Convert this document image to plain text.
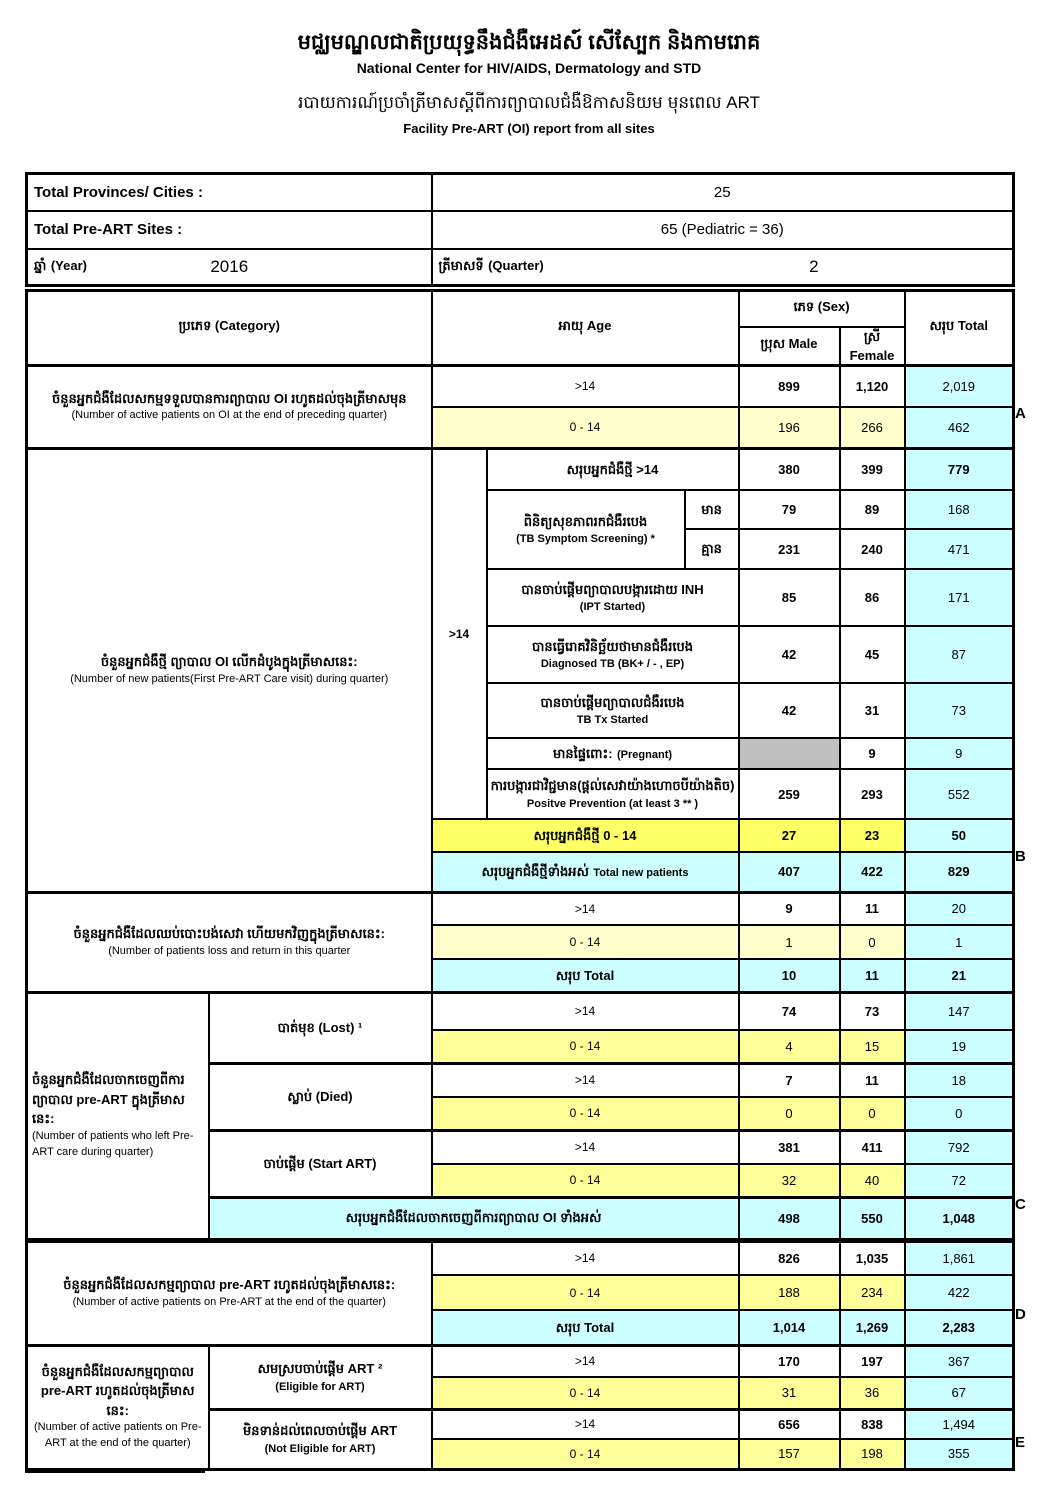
មជ្ឈមណ្ឌលជាតិប្រយុទ្ធនឹងជំងឺអេដស៍ សើស្បែក និងកាមរោគ
National Center for HIV/AIDS, Dermatology and STD
របាយការណ៍ប្រចាំត្រីមាសស្ដីពីការព្យាបាលជំងឺឱកាសនិយម មុនពេល ART
Facility Pre-ART (OI) report from all sites
Total Provinces/ Cities :	25
Total Pre-ART Sites :	65 (Pediatric = 36)
ឆ្នាំ (Year) 2016	ត្រីមាសទី (Quarter) 2
ប្រភេទ (Category)		អាយុ Age			ភេទ (Sex)		សរុប Total
					ប្រុស Male	ស្រី Female	

ចំនួនអ្នកជំងឺដែលសកម្មទទួលបានការព្យាបាល OI រហូតដល់ចុងត្រីមាសមុន
(Number of active patients on OI at the end of preceding quarter)		>14			899	1,120	2,019
		0 - 14			196	266	462

ចំនួនអ្នកជំងឺថ្មី ព្យាបាល OI លើកដំបូងក្នុងត្រីមាសនេះ:
(Number of new patients(First Pre-ART Care visit) during quarter)		>14	សរុបអ្នកជំងឺថ្មី >14		380	399	779

			ពិនិត្យសុខភាពរកជំងឺរបេង
(TB Symptom Screening) *	មាន	79	89	168
				គ្មាន	231	240	471

			បានចាប់ផ្ដើមព្យាបាលបង្ការដោយ INH
(IPT Started)		85	86	171

			បានធ្វើរោគវិនិច្ឆ័យថាមានជំងឺរបេង
Diagnosed TB (BK+ / - , EP)		42	45	87

			បានចាប់ផ្ដើមព្យាបាលជំងឺរបេង
TB Tx Started		42	31	73
			មានផ្ទៃពោះ: (Pregnant)			9	9

			ការបង្ការជាវិជ្ជមាន(ផ្ដល់សេវាយ៉ាងហោចបីយ៉ាងតិច)
Positve Prevention (at least 3 ** )		259	293	552
		សរុបអ្នកជំងឺថ្មី 0 - 14			27	23	50
		សរុបអ្នកជំងឺថ្មីទាំងអស់ Total new patients			407	422	829

ចំនួនអ្នកជំងឺដែលឈប់បោះបង់សេវា ហើយមកវិញក្នុងត្រីមាសនេះ:
(Number of patients loss and return in this quarter		>14			9	11	20
		0 - 14			1	0	1
		សរុប Total			10	11	21

ចំនួនអ្នកជំងឺដែលចាកចេញពីការ ព្យាបាល pre-ART ក្នុងត្រីមាសនេះ:
(Number of patients who left Pre-ART care during quarter)	បាត់មុខ (Lost) ¹	>14			74	73	147
		0 - 14			4	15	19
	ស្លាប់ (Died)	>14			7	11	18
		0 - 14			0	0	0
	ចាប់ផ្ដើម (Start ART)	>14			381	411	792
		0 - 14			32	40	72
	សរុបអ្នកជំងឺដែលចាកចេញពីការព្យាបាល OI ទាំងអស់				498	550	1,048

ចំនួនអ្នកជំងឺដែលសកម្មព្យាបាល pre-ART រហូតដល់ចុងត្រីមាសនេះ:
(Number of active patients on Pre-ART at the end of the quarter)		>14			826	1,035	1,861
		0 - 14			188	234	422
		សរុប Total			1,014	1,269	2,283

ចំនួនអ្នកជំងឺដែលសកម្មព្យាបាល pre-ART រហូតដល់ចុងត្រីមាសនេះ:
(Number of active patients on Pre-ART at the end of the quarter)

សមស្របចាប់ផ្ដើម ART ²
(Eligible for ART)
	>14	170	197	367
		0 - 14			31	36	67

	មិនទាន់ដល់ពេលចាប់ផ្ដើម ART
(Not Eligible for ART)	>14			656	838	1,494
		0 - 14			157	198	355
A
B
C
D
E
